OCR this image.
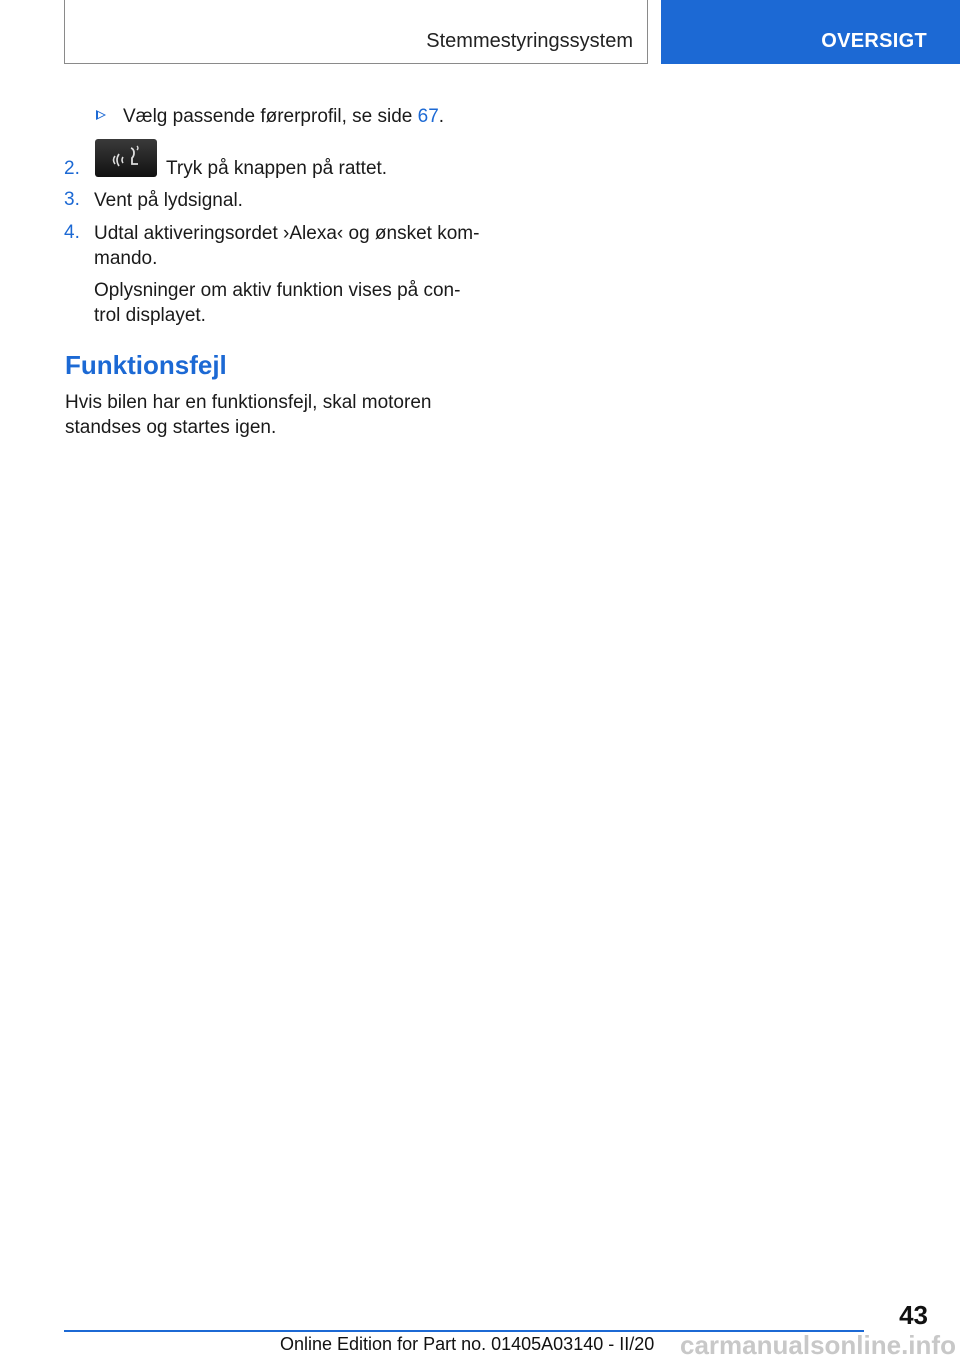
Stemmestyringssystem	OVERSIGT
Vælg passende førerprofil, se side 67.
2.	Tryk på knappen på rattet.
3. Vent på lydsignal.
4. Udtal aktiveringsordet ›Alexa‹ og ønsket kom-
mando.
Oplysninger om aktiv funktion vises på con-
trol displayet.
Funktionsfejl
Hvis bilen har en funktionsfejl, skal motoren
standses og startes igen.
43
Online Edition for Part no. 01405A03140 - II/20 carmanualsonline.info
